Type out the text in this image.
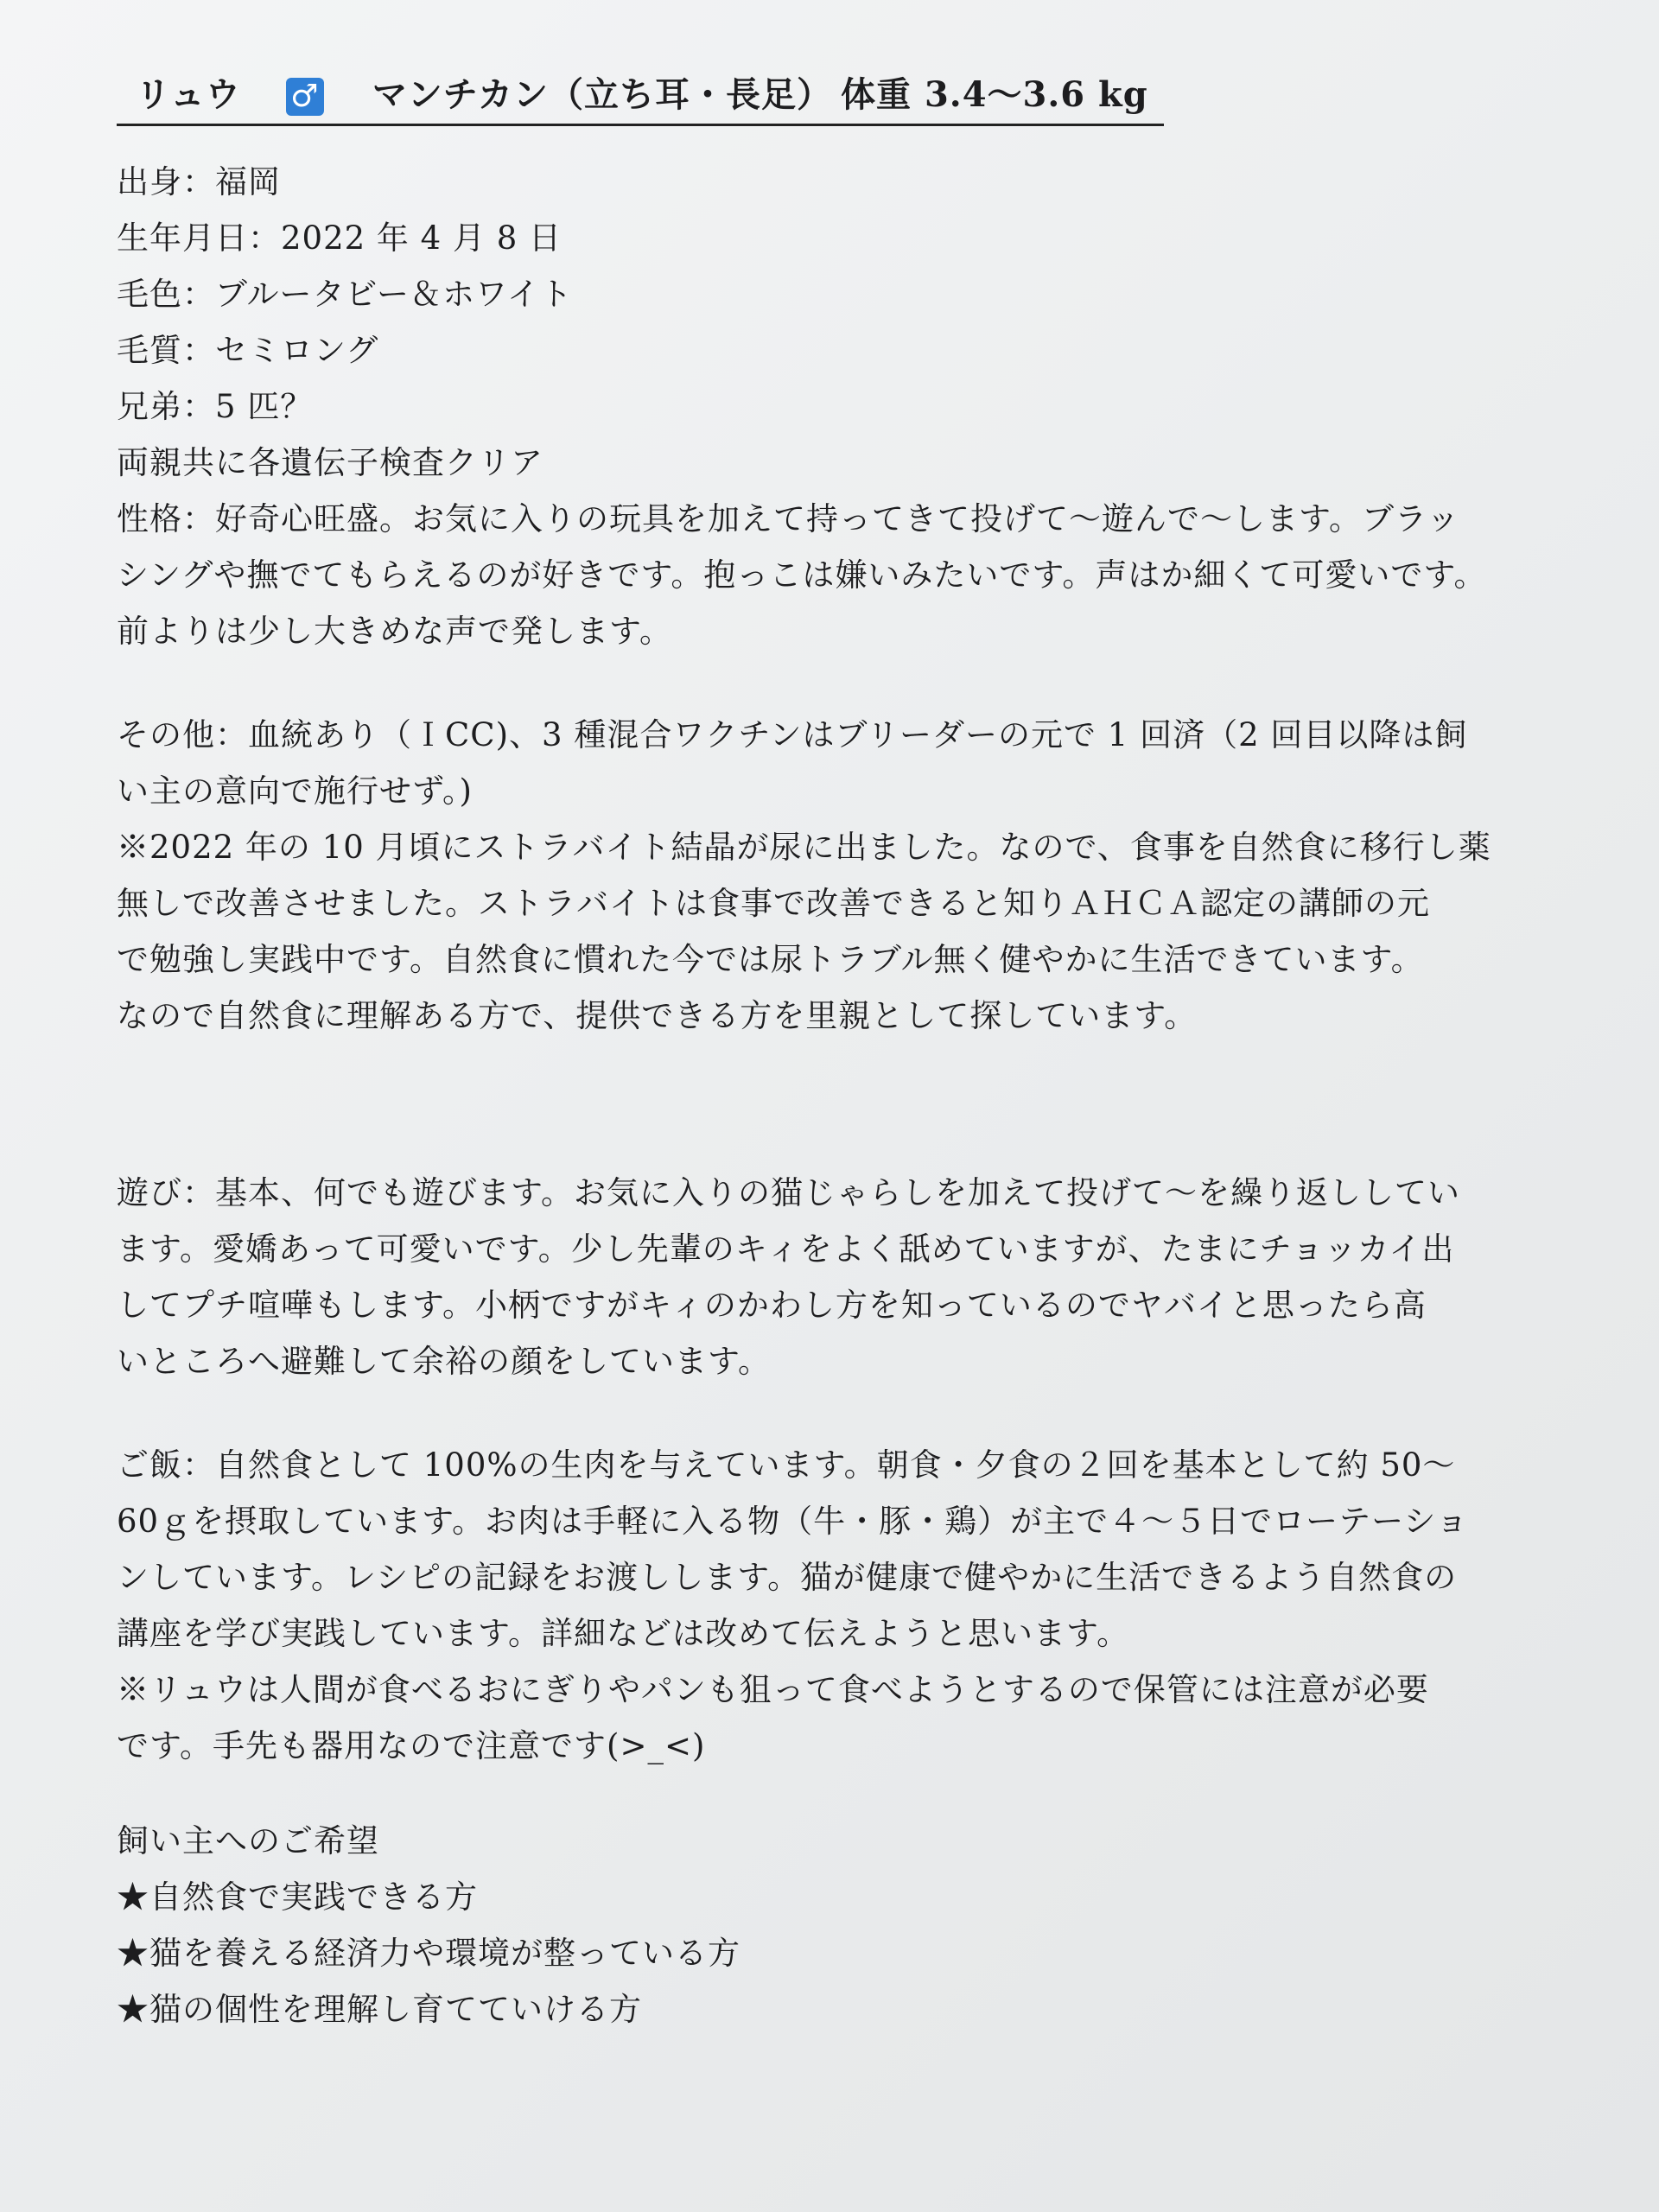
リュウ ♂ マンチカン（立ち耳・長足） 体重 3.4～3.6 kg
出身：福岡
生年月日：2022 年 4 月 8 日
毛色：ブルータビー＆ホワイト
毛質：セミロング
兄弟：5 匹？
両親共に各遺伝子検査クリア
性格：好奇心旺盛。お気に入りの玩具を加えて持ってきて投げて～遊んで～します。ブラッ
シングや撫でてもらえるのが好きです。抱っこは嫌いみたいです。声はか細くて可愛いです。
前よりは少し大きめな声で発します。
その他：血統あり（ＩCC)、3 種混合ワクチンはブリーダーの元で 1 回済（2 回目以降は飼
い主の意向で施行せず。)
※2022 年の 10 月頃にストラバイト結晶が尿に出ました。なので、食事を自然食に移行し薬
無しで改善させました。ストラバイトは食事で改善できると知りＡＨＣＡ認定の講師の元
で勉強し実践中です。自然食に慣れた今では尿トラブル無く健やかに生活できています。
なので自然食に理解ある方で、提供できる方を里親として探しています。
遊び：基本、何でも遊びます。お気に入りの猫じゃらしを加えて投げて～を繰り返ししてい
ます。愛嬌あって可愛いです。少し先輩のキィをよく舐めていますが、たまにチョッカイ出
してプチ喧嘩もします。小柄ですがキィのかわし方を知っているのでヤバイと思ったら高
いところへ避難して余裕の顔をしています。
ご飯：自然食として 100%の生肉を与えています。朝食・夕食の２回を基本として約 50～
60ｇを摂取しています。お肉は手軽に入る物（牛・豚・鶏）が主で４～５日でローテーショ
ンしています。レシピの記録をお渡しします。猫が健康で健やかに生活できるよう自然食の
講座を学び実践しています。詳細などは改めて伝えようと思います。
※リュウは人間が食べるおにぎりやパンも狙って食べようとするので保管には注意が必要
です。手先も器用なので注意です(>_<)
飼い主へのご希望
★自然食で実践できる方
★猫を養える経済力や環境が整っている方
★猫の個性を理解し育てていける方
